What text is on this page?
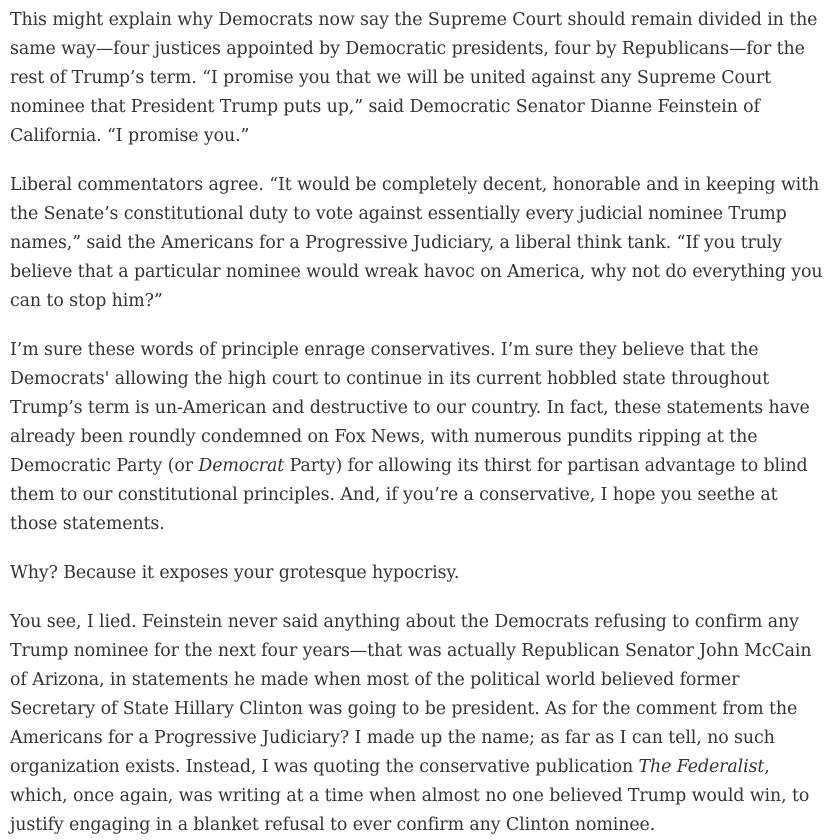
This might explain why Democrats now say the Supreme Court should remain divided in the same way—four justices appointed by Democratic presidents, four by Republicans—for the rest of Trump’s term. “I promise you that we will be united against any Supreme Court nominee that President Trump puts up,” said Democratic Senator Dianne Feinstein of California. “I promise you.”

Liberal commentators agree. “It would be completely decent, honorable and in keeping with the Senate’s constitutional duty to vote against essentially every judicial nominee Trump names,” said the Americans for a Progressive Judiciary, a liberal think tank. “If you truly believe that a particular nominee would wreak havoc on America, why not do everything you can to stop him?”

I’m sure these words of principle enrage conservatives. I’m sure they believe that the Democrats' allowing the high court to continue in its current hobbled state throughout Trump’s term is un-American and destructive to our country. In fact, these statements have already been roundly condemned on Fox News, with numerous pundits ripping at the Democratic Party (or Democrat Party) for allowing its thirst for partisan advantage to blind them to our constitutional principles. And, if you’re a conservative, I hope you seethe at those statements.

Why? Because it exposes your grotesque hypocrisy.

You see, I lied. Feinstein never said anything about the Democrats refusing to confirm any Trump nominee for the next four years—that was actually Republican Senator John McCain of Arizona, in statements he made when most of the political world believed former Secretary of State Hillary Clinton was going to be president. As for the comment from the Americans for a Progressive Judiciary? I made up the name; as far as I can tell, no such organization exists. Instead, I was quoting the conservative publication The Federalist, which, once again, was writing at a time when almost no one believed Trump would win, to justify engaging in a blanket refusal to ever confirm any Clinton nominee.
